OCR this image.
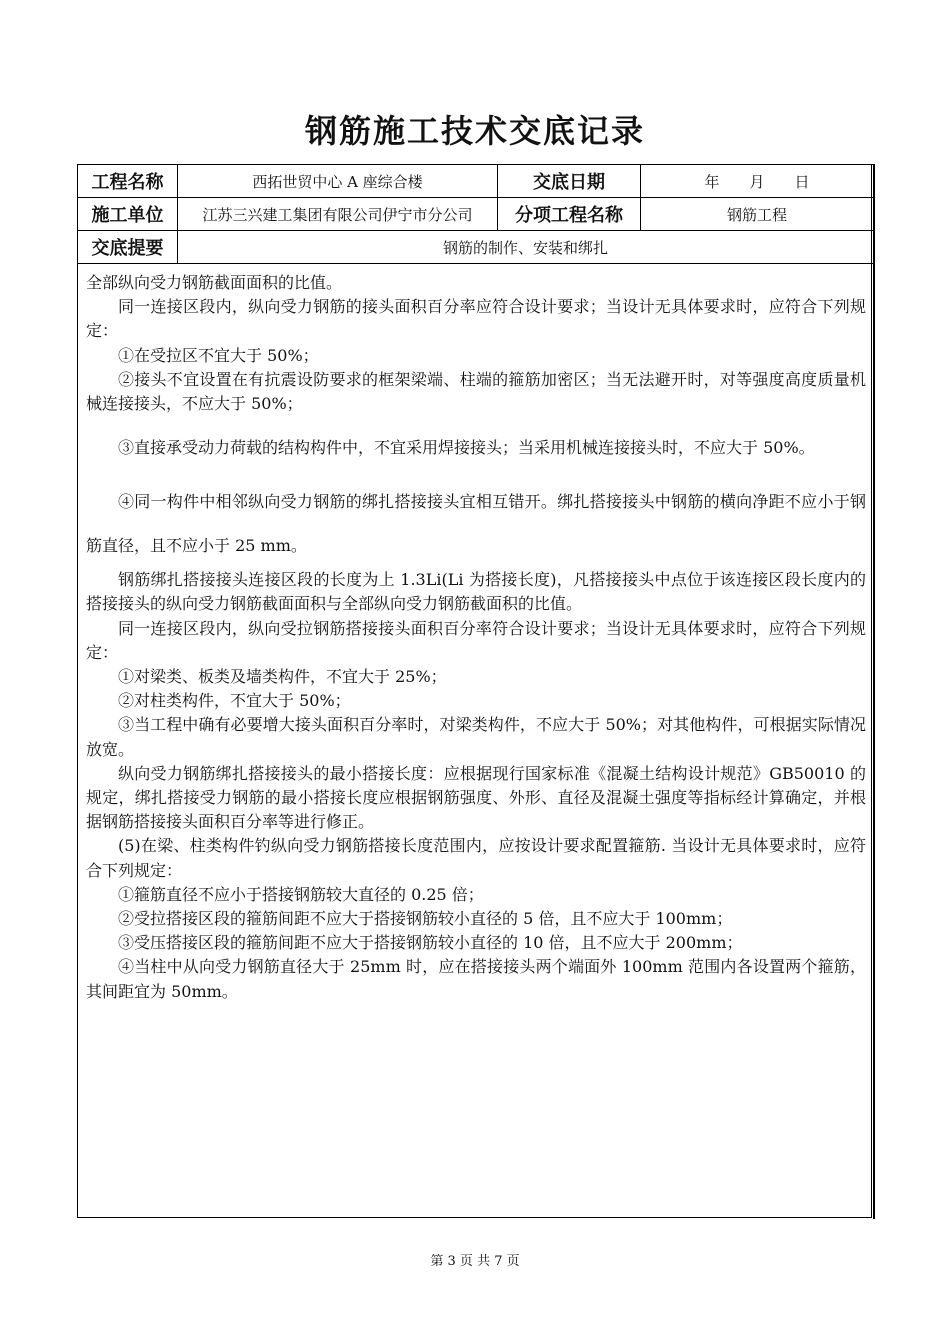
钢筋施工技术交底记录
工程名称	西拓世贸中心 A 座综合楼	交底日期	年　　月　　日
施工单位	江苏三兴建工集团有限公司伊宁市分公司	分项工程名称	钢筋工程
交底提要	钢筋的制作、安装和绑扎		

全部纵向受力钢筋截面面积的比值。

同一连接区段内，纵向受力钢筋的接头面积百分率应符合设计要求；当设计无具体要求时，应符合下列规定：

①在受拉区不宜大于 50%；

②接头不宜设置在有抗震设防要求的框架梁端、柱端的箍筋加密区；当无法避开时，对等强度高度质量机械连接接头，不应大于 50%；

③直接承受动力荷载的结构构件中，不宜采用焊接接头；当采用机械连接接头时，不应大于 50%。

④同一构件中相邻纵向受力钢筋的绑扎搭接接头宜相互错开。绑扎搭接接头中钢筋的横向净距不应小于钢筋直径，且不应小于 25 mm。

钢筋绑扎搭接接头连接区段的长度为上 1.3Li(Li 为搭接长度)，凡搭接接头中点位于该连接区段长度内的搭接接头的纵向受力钢筋截面面积与全部纵向受力钢筋截面积的比值。

同一连接区段内，纵向受拉钢筋搭接接头面积百分率符合设计要求；当设计无具体要求时，应符合下列规定：

①对梁类、板类及墙类构件，不宜大于 25%；

②对柱类构件，不宜大于 50%；

③当工程中确有必要增大接头面积百分率时，对梁类构件，不应大于 50%；对其他构件，可根据实际情况放宽。

纵向受力钢筋绑扎搭接接头的最小搭接长度：应根据现行国家标准《混凝土结构设计规范》GB50010 的规定，绑扎搭接受力钢筋的最小搭接长度应根据钢筋强度、外形、直径及混凝土强度等指标经计算确定，并根据钢筋搭接接头面积百分率等进行修正。

(5)在梁、柱类构件钓纵向受力钢筋搭接长度范围内，应按设计要求配置箍筋. 当设计无具体要求时，应符合下列规定：

①箍筋直径不应小于搭接钢筋较大直径的 0.25 倍；

②受拉搭接区段的箍筋间距不应大于搭接钢筋较小直径的 5 倍，且不应大于 100mm；

③受压搭接区段的箍筋间距不应大于搭接钢筋较小直径的 10 倍，且不应大于 200mm；

④当柱中从向受力钢筋直径大于 25mm 时，应在搭接接头两个端面外 100mm 范围内各设置两个箍筋，其间距宜为 50mm。

第 3 页 共 7 页
